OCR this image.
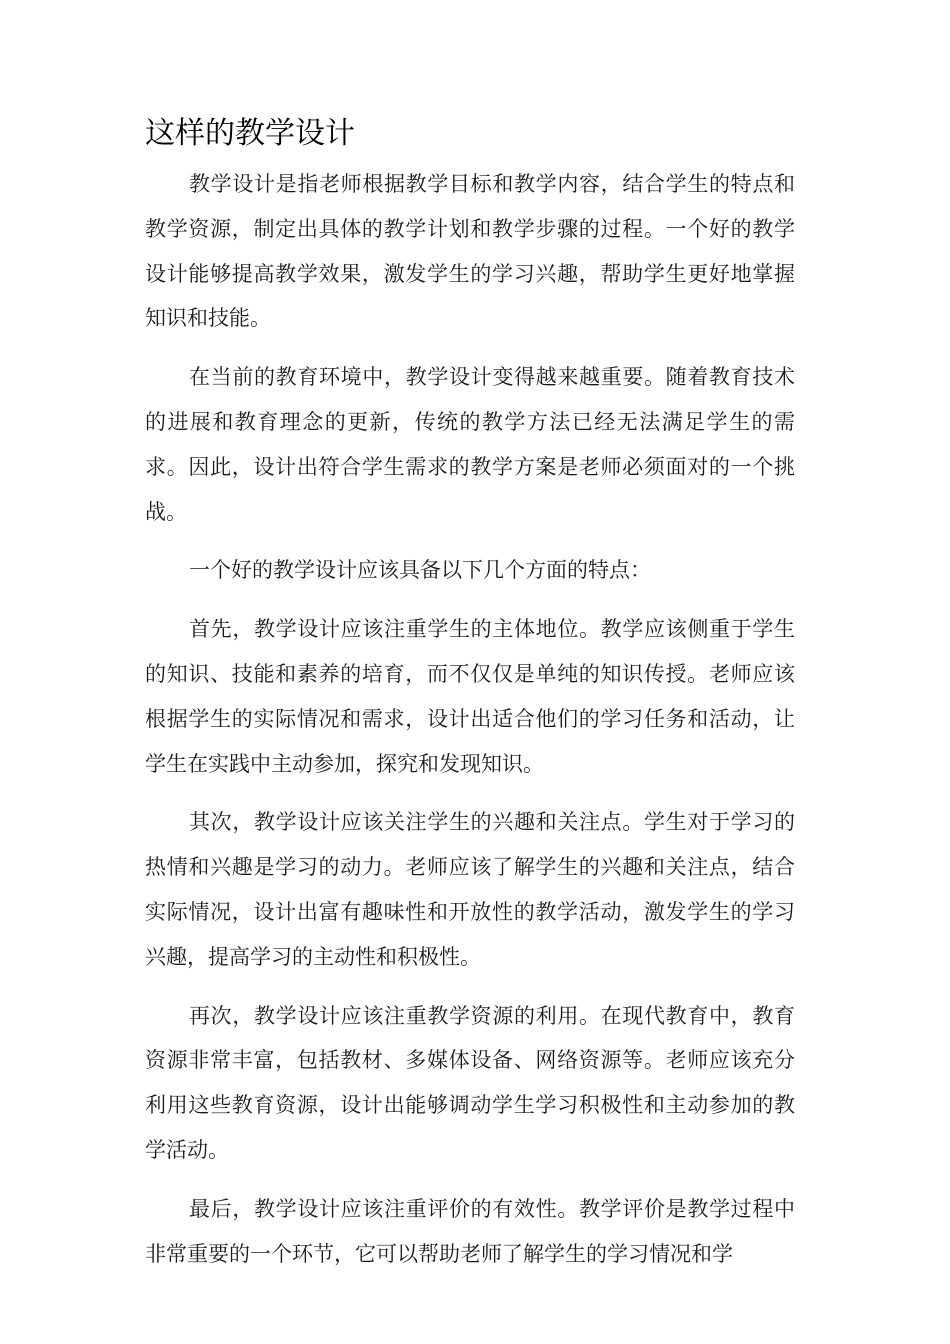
这样的教学设计

教学设计是指老师根据教学目标和教学内容，结合学生的特点和教学资源，制定出具体的教学计划和教学步骤的过程。一个好的教学设计能够提高教学效果，激发学生的学习兴趣，帮助学生更好地掌握知识和技能。

在当前的教育环境中，教学设计变得越来越重要。随着教育技术的进展和教育理念的更新，传统的教学方法已经无法满足学生的需求。因此，设计出符合学生需求的教学方案是老师必须面对的一个挑战。

一个好的教学设计应该具备以下几个方面的特点：

首先，教学设计应该注重学生的主体地位。教学应该侧重于学生的知识、技能和素养的培育，而不仅仅是单纯的知识传授。老师应该根据学生的实际情况和需求，设计出适合他们的学习任务和活动，让学生在实践中主动参加，探究和发现知识。

其次，教学设计应该关注学生的兴趣和关注点。学生对于学习的热情和兴趣是学习的动力。老师应该了解学生的兴趣和关注点，结合实际情况，设计出富有趣味性和开放性的教学活动，激发学生的学习兴趣，提高学习的主动性和积极性。

再次，教学设计应该注重教学资源的利用。在现代教育中，教育资源非常丰富，包括教材、多媒体设备、网络资源等。老师应该充分利用这些教育资源，设计出能够调动学生学习积极性和主动参加的教学活动。

最后，教学设计应该注重评价的有效性。教学评价是教学过程中非常重要的一个环节，它可以帮助老师了解学生的学习情况和学
